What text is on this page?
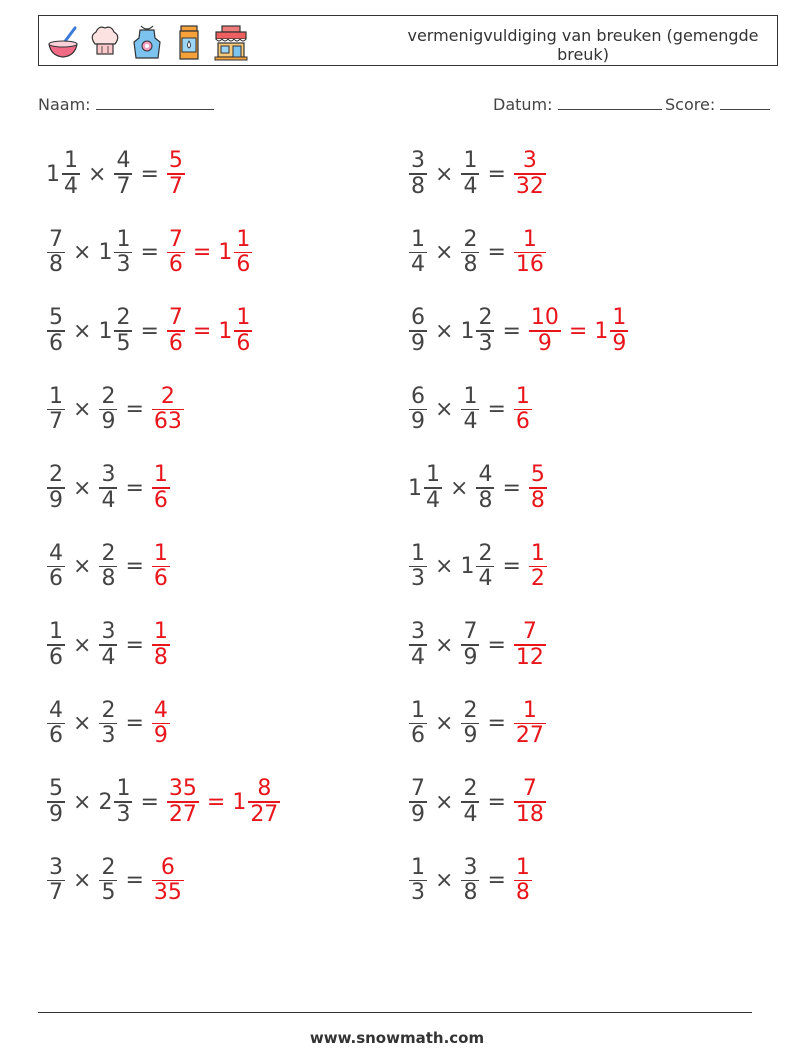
vermenigvuldiging van breuken (gemengde breuk)
Naam:	Datum:	Score:
$1 \frac{1}{4} \times \frac{4}{7} = \frac{5}{7}$	$\frac{3}{8} \times \frac{1}{4} = \frac{3}{32}$
$\frac{7}{8} \times 1 \frac{1}{3} = \frac{7}{6} = 1 \frac{1}{6}$	$\frac{1}{4} \times \frac{2}{8} = \frac{1}{16}$
$\frac{5}{6} \times 1 \frac{2}{5} = \frac{7}{6} = 1 \frac{1}{6}$	$\frac{6}{9} \times 1 \frac{2}{3} = \frac{10}{9} = 1 \frac{1}{9}$
$\frac{1}{7} \times \frac{2}{9} = \frac{2}{63}$	$\frac{6}{9} \times \frac{1}{4} = \frac{1}{6}$
$\frac{2}{9} \times \frac{3}{4} = \frac{1}{6}$	$1 \frac{1}{4} \times \frac{4}{8} = \frac{5}{8}$
$\frac{4}{6} \times \frac{2}{8} = \frac{1}{6}$	$\frac{1}{3} \times 1 \frac{2}{4} = \frac{1}{2}$
$\frac{1}{6} \times \frac{3}{4} = \frac{1}{8}$	$\frac{3}{4} \times \frac{7}{9} = \frac{7}{12}$
$\frac{4}{6} \times \frac{2}{3} = \frac{4}{9}$	$\frac{1}{6} \times \frac{2}{9} = \frac{1}{27}$
$\frac{5}{9} \times 2 \frac{1}{3} = \frac{35}{27} = 1 \frac{8}{27}$	$\frac{7}{9} \times \frac{2}{4} = \frac{7}{18}$
$\frac{3}{7} \times \frac{2}{5} = \frac{6}{35}$	$\frac{1}{3} \times \frac{3}{8} = \frac{1}{8}$
www.snowmath.com
